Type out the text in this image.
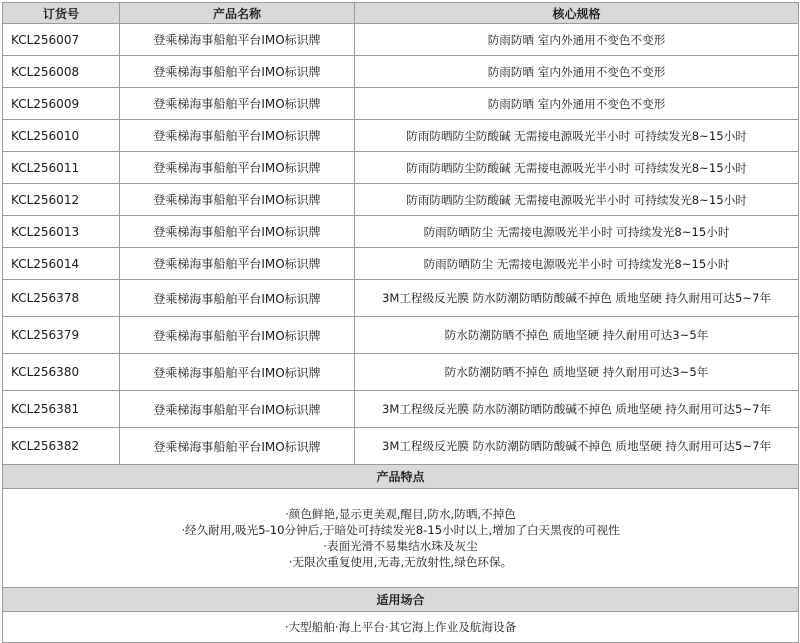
订货号	产品名称	核心规格
KCL256007	登乘梯海事船舶平台IMO标识牌	防雨防晒 室内外通用不变色不变形
KCL256008	登乘梯海事船舶平台IMO标识牌	防雨防晒 室内外通用不变色不变形
KCL256009	登乘梯海事船舶平台IMO标识牌	防雨防晒 室内外通用不变色不变形
KCL256010	登乘梯海事船舶平台IMO标识牌	防雨防晒防尘防酸碱 无需接电源吸光半小时 可持续发光8~15小时
KCL256011	登乘梯海事船舶平台IMO标识牌	防雨防晒防尘防酸碱 无需接电源吸光半小时 可持续发光8~15小时
KCL256012	登乘梯海事船舶平台IMO标识牌	防雨防晒防尘防酸碱 无需接电源吸光半小时 可持续发光8~15小时
KCL256013	登乘梯海事船舶平台IMO标识牌	防雨防晒防尘 无需接电源吸光半小时 可持续发光8~15小时
KCL256014	登乘梯海事船舶平台IMO标识牌	防雨防晒防尘 无需接电源吸光半小时 可持续发光8~15小时
KCL256378	登乘梯海事船舶平台IMO标识牌	3M工程级反光膜 防水防潮防晒防酸碱不掉色 质地坚硬 持久耐用可达5~7年
KCL256379	登乘梯海事船舶平台IMO标识牌	防水防潮防晒不掉色 质地坚硬 持久耐用可达3~5年
KCL256380	登乘梯海事船舶平台IMO标识牌	防水防潮防晒不掉色 质地坚硬 持久耐用可达3~5年
KCL256381	登乘梯海事船舶平台IMO标识牌	3M工程级反光膜 防水防潮防晒防酸碱不掉色 质地坚硬 持久耐用可达5~7年
KCL256382	登乘梯海事船舶平台IMO标识牌	3M工程级反光膜 防水防潮防晒防酸碱不掉色 质地坚硬 持久耐用可达5~7年
产品特点		

·颜色鲜艳,显示更美观,醒目,防水,防晒,不掉色
·经久耐用,吸光5-10分钟后,于暗处可持续发光8-15小时以上,增加了白天黑夜的可视性
·表面光滑不易集结水珠及灰尘
·无限次重复使用,无毒,无放射性,绿色环保。		

适用场合		
·大型船舶·海上平台·其它海上作业及航海设备		
